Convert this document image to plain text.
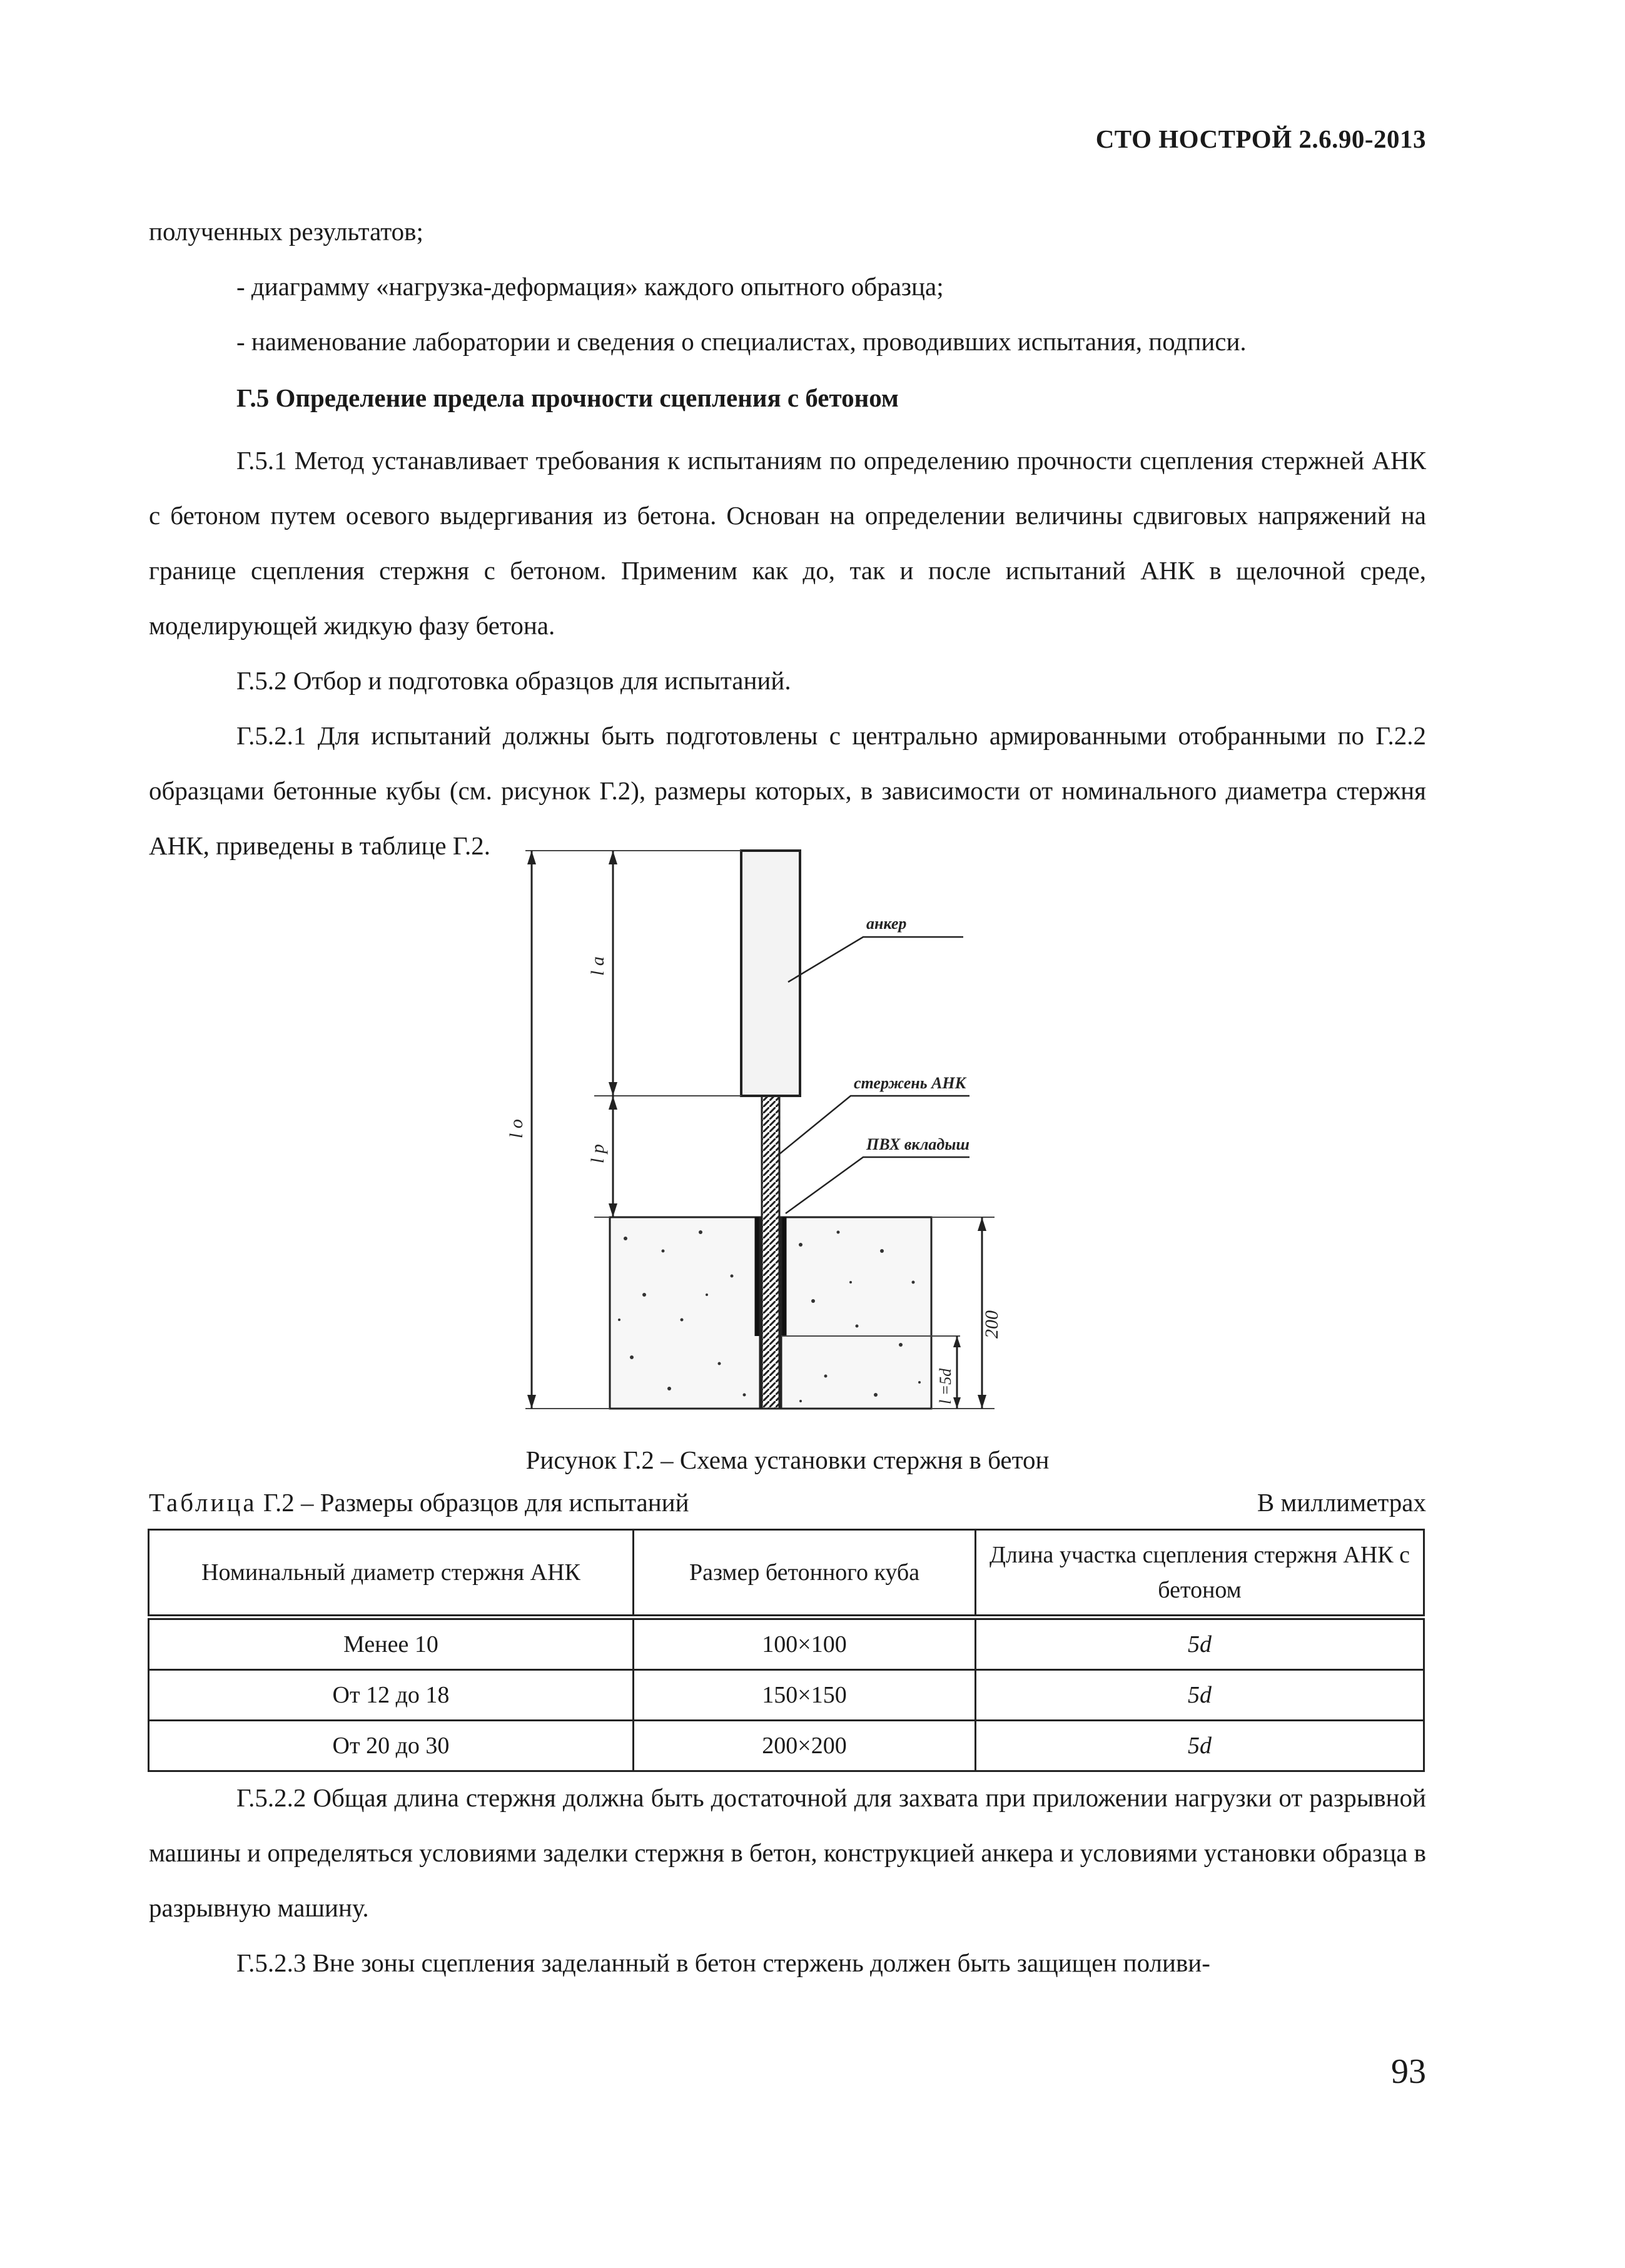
СТО НОСТРОЙ 2.6.90-2013

полученных результатов;

- диаграмму «нагрузка-деформация» каждого опытного образца;

- наименование лаборатории и сведения о специалистах, проводивших испытания, подписи.

Г.5 Определение предела прочности сцепления с бетоном

Г.5.1 Метод устанавливает требования к испытаниям по определению прочности сцепления стержней АНК с бетоном путем осевого выдергивания из бетона. Основан на определении величины сдвиговых напряжений на границе сцепления стержня с бетоном. Применим как до, так и после испытаний АНК в щелочной среде, моделирующей жидкую фазу бетона.

Г.5.2 Отбор и подготовка образцов для испытаний.

Г.5.2.1 Для испытаний должны быть подготовлены с центрально армированными отобранными по Г.2.2 образцами бетонные кубы (см. рисунок Г.2), размеры которых, в зависимости от номинального диаметра стержня АНК, приведены в таблице Г.2.

анкер
стержень АНК
ПВХ вкладыш
l a
l p
l o
200
l =5d
Рисунок Г.2 – Схема установки стержня в бетон
Таблица Г.2 – Размеры образцов для испытаний	В миллиметрах
Номинальный диаметр стержня АНК	Размер бетонного куба	Длина участка сцепления стержня АНК с бетоном
Менее 10	100×100	5d
От 12 до 18	150×150	5d
От 20 до 30	200×200	5d

Г.5.2.2 Общая длина стержня должна быть достаточной для захвата при приложении нагрузки от разрывной машины и определяться условиями заделки стержня в бетон, конструкцией анкера и условиями установки образца в разрывную машину.

Г.5.2.3 Вне зоны сцепления заделанный в бетон стержень должен быть защищен поливи-

93
